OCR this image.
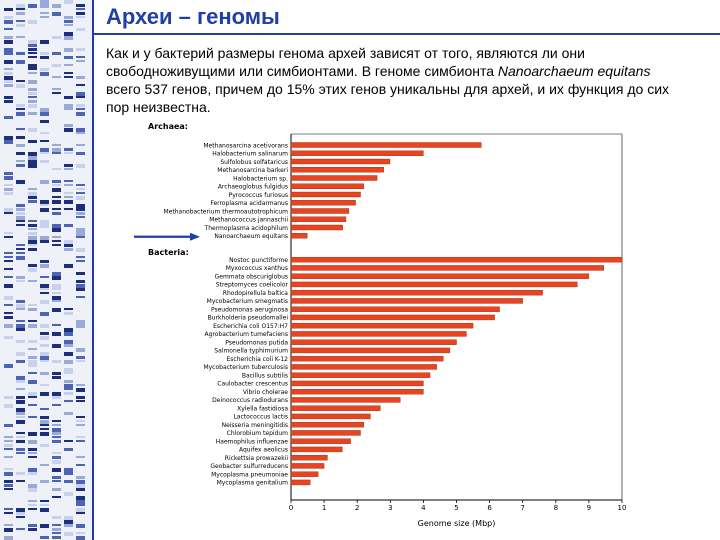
Археи – геномы
Как и у бактерий размеры генома архей зависят от того, являются ли они свободноживущими или симбионтами. В геноме симбионта Nanoarchaeum equitans всего 537 генов, причем до 15% этих генов уникальны для архей, и их функция до сих пор неизвестна.
0	1	2	3	4	5	6	7	8	9	10
Genome size (Mbp)
Archaea:
Methanosarcina acetivorans
Halobacterium salinarum
Sulfolobus solfataricus
Methanosarcina barkeri
Halobacterium sp.
Archaeoglobus fulgidus
Pyrococcus furiosus
Ferroplasma acidarmanus
Methanobacterium thermoautotrophicum
Methanococcus jannaschii
Thermoplasma acidophilum
Nanoarchaeum equitans
Bacteria:
Nostoc punctiforme
Myxococcus xanthus
Gemmata obscuriglobus
Streptomyces coelicolor
Rhodopirellula baltica
Mycobacterium smegmatis
Pseudomonas aeruginosa
Burkholderia pseudomallei
Escherichia coli O157:H7
Agrobacterium tumefaciens
Pseudomonas putida
Salmonella typhimurium
Escherichia coli K-12
Mycobacterium tuberculosis
Bacillus subtilis
Caulobacter crescentus
Vibrio cholerae
Deinococcus radiodurans
Xylella fastidiosa
Lactococcus lactis
Neisseria meningitidis
Chlorobium tepidum
Haemophilus influenzae
Aquifex aeolicus
Rickettsia prowazekii
Geobacter sulfurreducens
Mycoplasma pneumoniae
Mycoplasma genitalium
